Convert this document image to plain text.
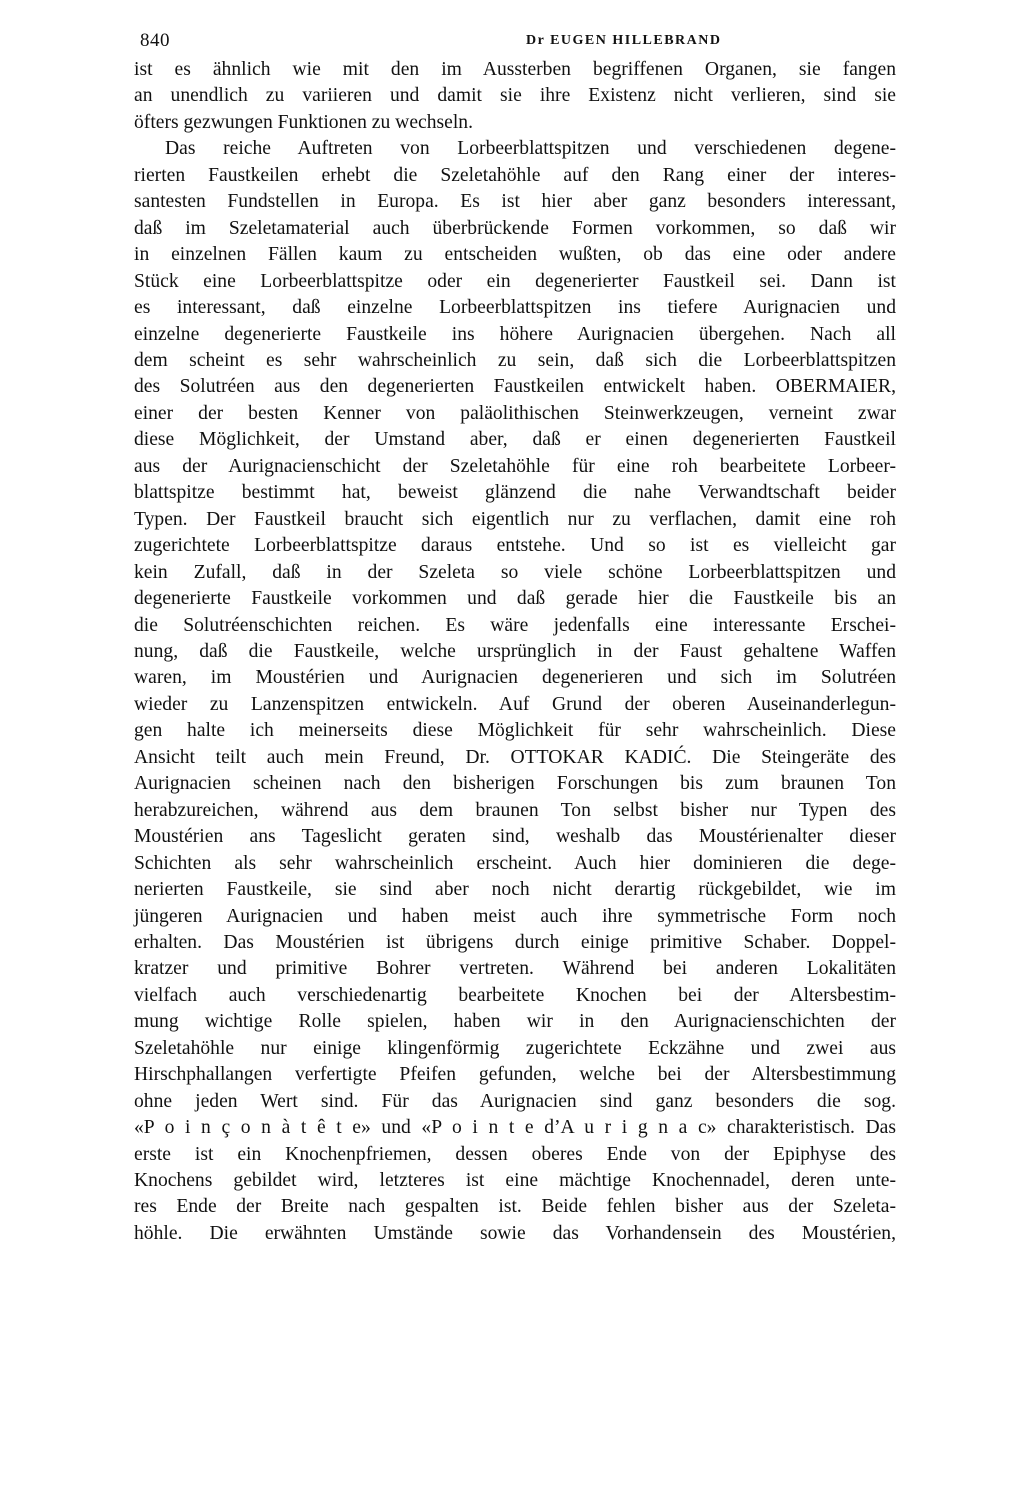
840	Dr EUGEN HILLEBRAND
ist es ähnlich wie mit den im Aussterben begriffenen Organen, sie fangen
an unendlich zu variieren und damit sie ihre Existenz nicht verlieren, sind sie
öfters gezwungen Funktionen zu wechseln.
Das reiche Auftreten von Lorbeerblattspitzen und verschiedenen degene-
rierten Faustkeilen erhebt die Szeletahöhle auf den Rang einer der interes-
santesten Fundstellen in Europa. Es ist hier aber ganz besonders interessant,
daß im Szeletamaterial auch überbrückende Formen vorkommen, so daß wir
in einzelnen Fällen kaum zu entscheiden wußten, ob das eine oder andere
Stück eine Lorbeerblattspitze oder ein degenerierter Faustkeil sei. Dann ist
es interessant, daß einzelne Lorbeerblattspitzen ins tiefere Aurignacien und
einzelne degenerierte Faustkeile ins höhere Aurignacien übergehen. Nach all
dem scheint es sehr wahrscheinlich zu sein, daß sich die Lorbeerblattspitzen
des Solutréen aus den degenerierten Faustkeilen entwickelt haben. OBERMAIER,
einer der besten Kenner von paläolithischen Steinwerkzeugen, verneint zwar
diese Möglichkeit, der Umstand aber, daß er einen degenerierten Faustkeil
aus der Aurignacienschicht der Szeletahöhle für eine roh bearbeitete Lorbeer-
blattspitze bestimmt hat, beweist glänzend die nahe Verwandtschaft beider
Typen. Der Faustkeil braucht sich eigentlich nur zu verflachen, damit eine roh
zugerichtete Lorbeerblattspitze daraus entstehe. Und so ist es vielleicht gar
kein Zufall, daß in der Szeleta so viele schöne Lorbeerblattspitzen und
degenerierte Faustkeile vorkommen und daß gerade hier die Faustkeile bis an
die Solutréenschichten reichen. Es wäre jedenfalls eine interessante Erschei-
nung, daß die Faustkeile, welche ursprünglich in der Faust gehaltene Waffen
waren, im Moustérien und Aurignacien degenerieren und sich im Solutréen
wieder zu Lanzenspitzen entwickeln. Auf Grund der oberen Auseinanderlegun-
gen halte ich meinerseits diese Möglichkeit für sehr wahrscheinlich. Diese
Ansicht teilt auch mein Freund, Dr. OTTOKAR KADIĆ. Die Steingeräte des
Aurignacien scheinen nach den bisherigen Forschungen bis zum braunen Ton
herabzureichen, während aus dem braunen Ton selbst bisher nur Typen des
Moustérien ans Tageslicht geraten sind, weshalb das Moustérienalter dieser
Schichten als sehr wahrscheinlich erscheint. Auch hier dominieren die dege-
nerierten Faustkeile, sie sind aber noch nicht derartig rückgebildet, wie im
jüngeren Aurignacien und haben meist auch ihre symmetrische Form noch
erhalten. Das Moustérien ist übrigens durch einige primitive Schaber. Doppel-
kratzer und primitive Bohrer vertreten. Während bei anderen Lokalitäten
vielfach auch verschiedenartig bearbeitete Knochen bei der Altersbestim-
mung wichtige Rolle spielen, haben wir in den Aurignacienschichten der
Szeletahöhle nur einige klingenförmig zugerichtete Eckzähne und zwei aus
Hirschphallangen verfertigte Pfeifen gefunden, welche bei der Altersbestimmung
ohne jeden Wert sind. Für das Aurignacien sind ganz besonders die sog.
«P o i n ç o n à t ê t e» und «P o i n t e d’A u r i g n a c» charakteristisch. Das
erste ist ein Knochenpfriemen, dessen oberes Ende von der Epiphyse des
Knochens gebildet wird, letzteres ist eine mächtige Knochennadel, deren unte-
res Ende der Breite nach gespalten ist. Beide fehlen bisher aus der Szeleta-
höhle. Die erwähnten Umstände sowie das Vorhandensein des Moustérien,
